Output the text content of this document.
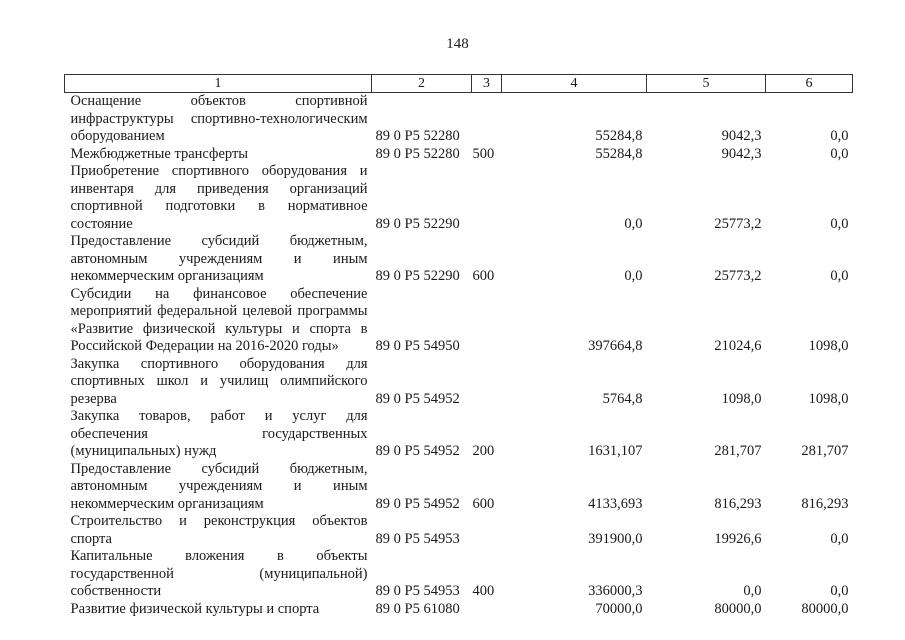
148
1	2	3	4	5	6
Оснащение объектов спортивной инфраструктуры спортивно-технологическим оборудованием	89 0 P5 52280		55284,8	9042,3	0,0
Межбюджетные трансферты	89 0 P5 52280	500	55284,8	9042,3	0,0
Приобретение спортивного оборудования и инвентаря для приведения организаций спортивной подготовки в нормативное состояние	89 0 P5 52290		0,0	25773,2	0,0
Предоставление субсидий бюджетным, автономным учреждениям и иным некоммерческим организациям	89 0 P5 52290	600	0,0	25773,2	0,0
Субсидии на финансовое обеспечение мероприятий федеральной целевой программы «Развитие физической культуры и спорта в Российской Федерации на 2016-2020 годы»	89 0 P5 54950		397664,8	21024,6	1098,0
Закупка спортивного оборудования для спортивных школ и училищ олимпийского резерва	89 0 P5 54952		5764,8	1098,0	1098,0
Закупка товаров, работ и услуг для обеспечения государственных (муниципальных) нужд	89 0 P5 54952	200	1631,107	281,707	281,707
Предоставление субсидий бюджетным, автономным учреждениям и иным некоммерческим организациям	89 0 P5 54952	600	4133,693	816,293	816,293
Строительство и реконструкция объектов спорта	89 0 P5 54953		391900,0	19926,6	0,0
Капитальные вложения в объекты государственной (муниципальной) собственности	89 0 P5 54953	400	336000,3	0,0	0,0
Развитие физической культуры и спорта	89 0 P5 61080		70000,0	80000,0	80000,0
